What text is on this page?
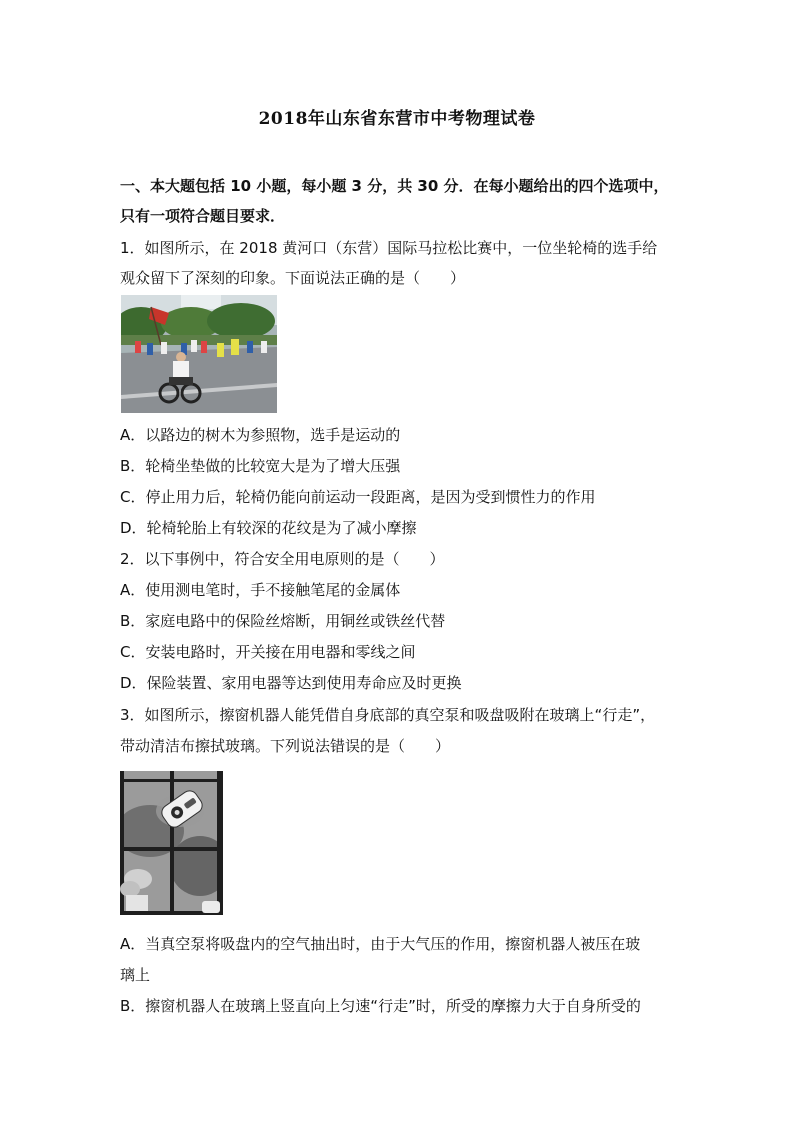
2018年山东省东营市中考物理试卷
一、本大题包括 10 小题，每小题 3 分，共 30 分．在每小题给出的四个选项中，
只有一项符合题目要求．
1．如图所示，在 2018 黄河口（东营）国际马拉松比赛中，一位坐轮椅的选手给
观众留下了深刻的印象。下面说法正确的是（　　）
A．以路边的树木为参照物，选手是运动的
B．轮椅坐垫做的比较宽大是为了增大压强
C．停止用力后，轮椅仍能向前运动一段距离，是因为受到惯性力的作用
D．轮椅轮胎上有较深的花纹是为了减小摩擦
2．以下事例中，符合安全用电原则的是（　　）
A．使用测电笔时，手不接触笔尾的金属体
B．家庭电路中的保险丝熔断，用铜丝或铁丝代替
C．安装电路时，开关接在用电器和零线之间
D．保险装置、家用电器等达到使用寿命应及时更换
3．如图所示，擦窗机器人能凭借自身底部的真空泵和吸盘吸附在玻璃上“行走”，
带动清洁布擦拭玻璃。下列说法错误的是（　　）
A．当真空泵将吸盘内的空气抽出时，由于大气压的作用，擦窗机器人被压在玻
璃上
B．擦窗机器人在玻璃上竖直向上匀速“行走”时，所受的摩擦力大于自身所受的
